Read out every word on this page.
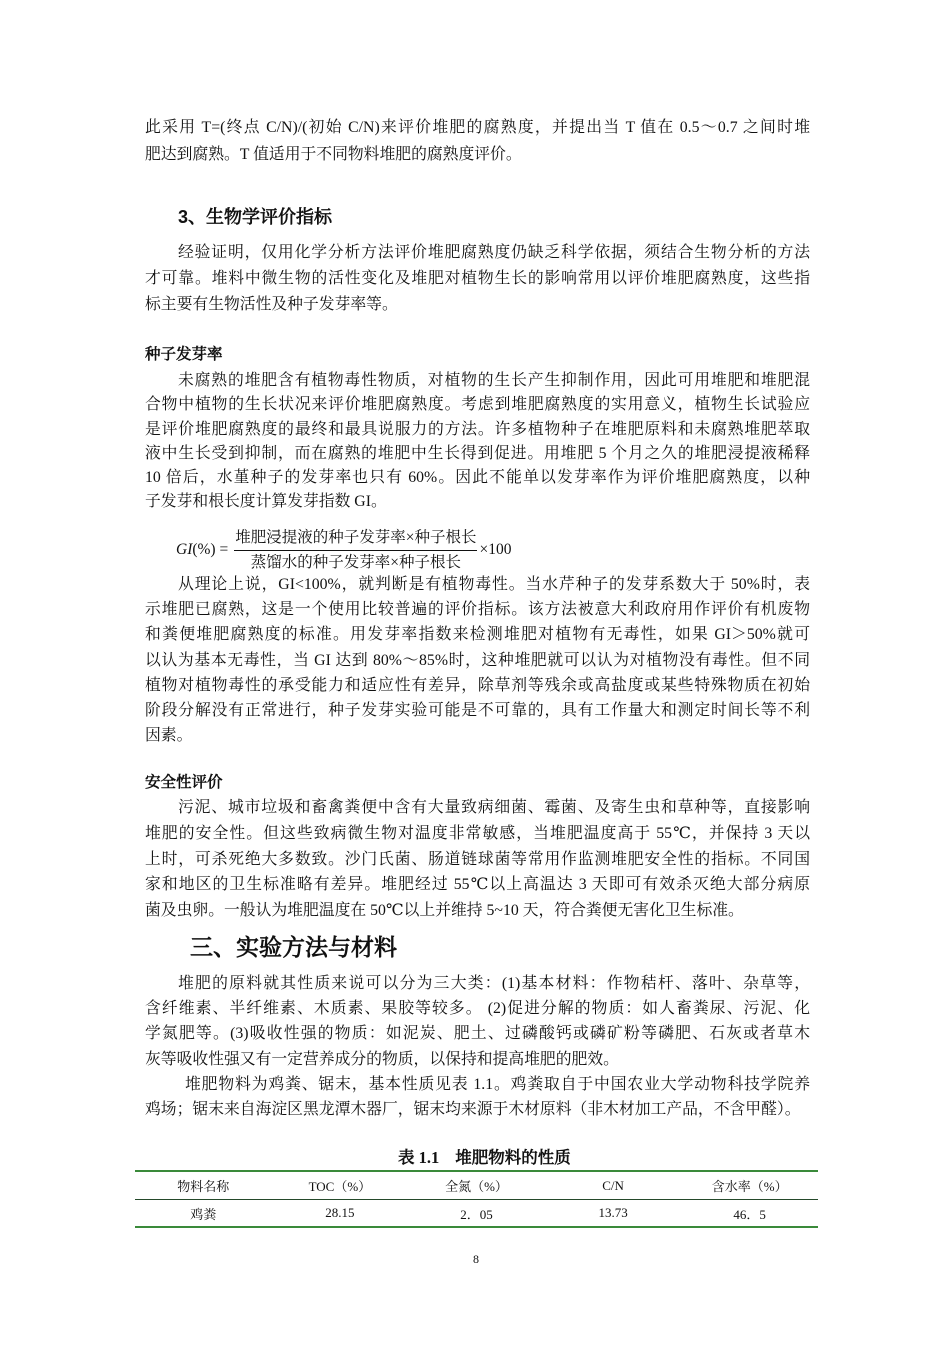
此采用 T=(终点 C/N)/(初始 C/N)来评价堆肥的腐熟度，并提出当 T 值在 0.5～0.7 之间时堆
肥达到腐熟。T 值适用于不同物料堆肥的腐熟度评价。
3、生物学评价指标
经验证明，仅用化学分析方法评价堆肥腐熟度仍缺乏科学依据，须结合生物分析的方法
才可靠。堆料中微生物的活性变化及堆肥对植物生长的影响常用以评价堆肥腐熟度，这些指
标主要有生物活性及种子发芽率等。
种子发芽率
未腐熟的堆肥含有植物毒性物质，对植物的生长产生抑制作用，因此可用堆肥和堆肥混
合物中植物的生长状况来评价堆肥腐熟度。考虑到堆肥腐熟度的实用意义，植物生长试验应
是评价堆肥腐熟度的最终和最具说服力的方法。许多植物种子在堆肥原料和未腐熟堆肥萃取
液中生长受到抑制，而在腐熟的堆肥中生长得到促进。用堆肥 5 个月之久的堆肥浸提液稀释
10 倍后，水堇种子的发芽率也只有 60%。因此不能单以发芽率作为评价堆肥腐熟度，以种
子发芽和根长度计算发芽指数 GI。
$GI(\%) = \frac{\text{堆肥浸提液的种子发芽率×种子根长}}{\text{蒸馏水的种子发芽率×种子根长}} \times 100$
从理论上说，GI<100%，就判断是有植物毒性。当水芹种子的发芽系数大于 50%时，表
示堆肥已腐熟，这是一个使用比较普遍的评价指标。该方法被意大利政府用作评价有机废物
和粪便堆肥腐熟度的标准。用发芽率指数来检测堆肥对植物有无毒性，如果 GI＞50%就可
以认为基本无毒性，当 GI 达到 80%～85%时，这种堆肥就可以认为对植物没有毒性。但不同
植物对植物毒性的承受能力和适应性有差异，除草剂等残余或高盐度或某些特殊物质在初始
阶段分解没有正常进行，种子发芽实验可能是不可靠的，具有工作量大和测定时间长等不利
因素。
安全性评价
污泥、城市垃圾和畜禽粪便中含有大量致病细菌、霉菌、及寄生虫和草种等，直接影响
堆肥的安全性。但这些致病微生物对温度非常敏感，当堆肥温度高于 55℃，并保持 3 天以
上时，可杀死绝大多数致。沙门氏菌、肠道链球菌等常用作监测堆肥安全性的指标。不同国
家和地区的卫生标准略有差异。堆肥经过 55℃以上高温达 3 天即可有效杀灭绝大部分病原
菌及虫卵。一般认为堆肥温度在 50℃以上并维持 5~10 天，符合粪便无害化卫生标准。
三、实验方法与材料
堆肥的原料就其性质来说可以分为三大类：(1)基本材料：作物秸杆、落叶、杂草等，
含纤维素、半纤维素、木质素、果胶等较多。 (2)促进分解的物质：如人畜粪尿、污泥、化
学氮肥等。(3)吸收性强的物质：如泥炭、肥土、过磷酸钙或磷矿粉等磷肥、石灰或者草木
灰等吸收性强又有一定营养成分的物质，以保持和提高堆肥的肥效。
堆肥物料为鸡粪、锯末，基本性质见表 1.1。鸡粪取自于中国农业大学动物科技学院养
鸡场；锯末来自海淀区黑龙潭木器厂，锯末均来源于木材原料（非木材加工产品，不含甲醛）。
表 1.1 堆肥物料的性质
物料名称	TOC（%）	全氮（%）	C/N	含水率（%）
鸡粪	28.15	2．05	13.73	46．5
8
